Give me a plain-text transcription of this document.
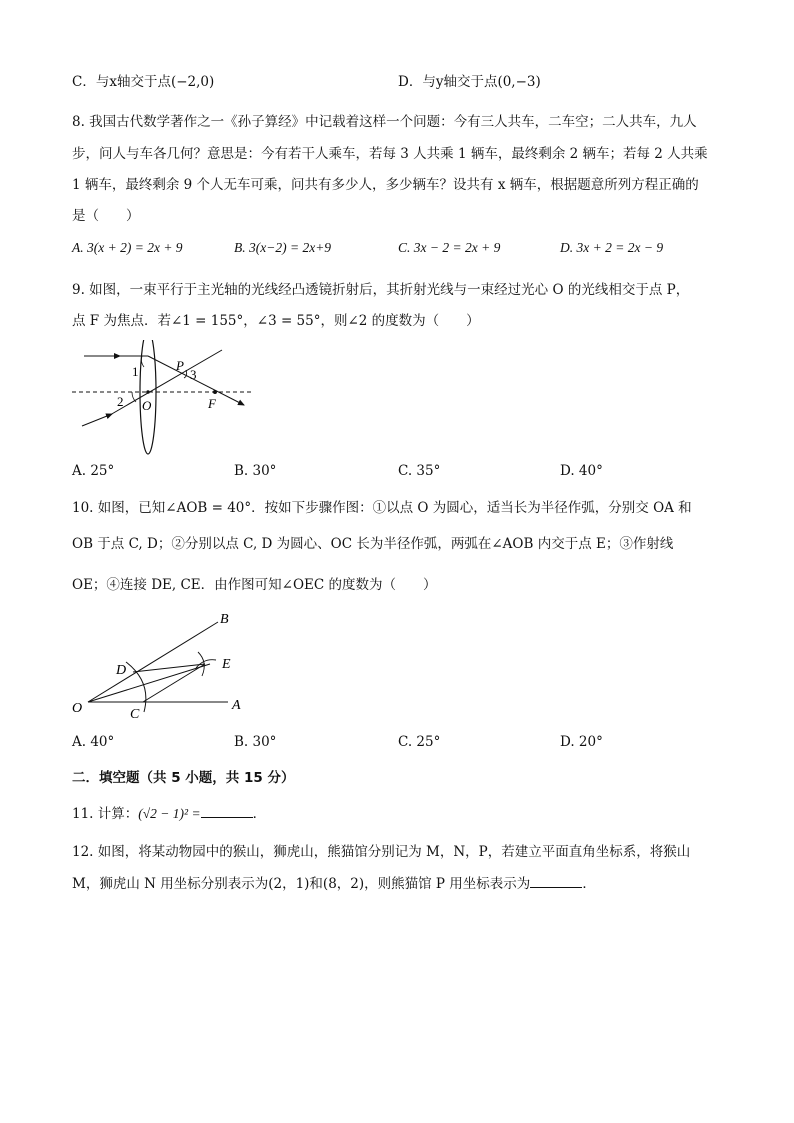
C．与x轴交于点(−2,0)	D．与y轴交于点(0,−3)
8. 我国古代数学著作之一《孙子算经》中记载着这样一个问题：今有三人共车，二车空；二人共车，九人
步，问人与车各几何？意思是：今有若干人乘车，若每 3 人共乘 1 辆车，最终剩余 2 辆车；若每 2 人共乘
1 辆车，最终剩余 9 个人无车可乘，问共有多少人，多少辆车？设共有 x 辆车，根据题意所列方程正确的
是（　　）
A. 3(x + 2) = 2x + 9	B. 3(x−2) = 2x+9	C. 3x − 2 = 2x + 9	D. 3x + 2 = 2x − 9
9. 如图，一束平行于主光轴的光线经凸透镜折射后，其折射光线与一束经过光心 O 的光线相交于点 P，
点 F 为焦点．若∠1 = 155°，∠3 = 55°，则∠2 的度数为（　　）
1
2
3
P
O	F
A. 25°	B. 30°	C. 35°	D. 40°
10. 如图，已知∠AOB = 40°．按如下步骤作图：①以点 O 为圆心，适当长为半径作弧，分别交 OA 和
OB 于点 C, D；②分别以点 C, D 为圆心、OC 长为半径作弧，两弧在∠AOB 内交于点 E；③作射线
OE；④连接 DE, CE．由作图可知∠OEC 的度数为（　　）
O	A
B
C
D	E
A. 40°	B. 30°	C. 25°	D. 20°
二．填空题（共 5 小题，共 15 分）
11. 计算：(√2 − 1)² =	．
12. 如图，将某动物园中的猴山，狮虎山，熊猫馆分别记为 M，N，P，若建立平面直角坐标系，将猴山
M，狮虎山 N 用坐标分别表示为(2，1)和(8，2)，则熊猫馆 P 用坐标表示为	．
